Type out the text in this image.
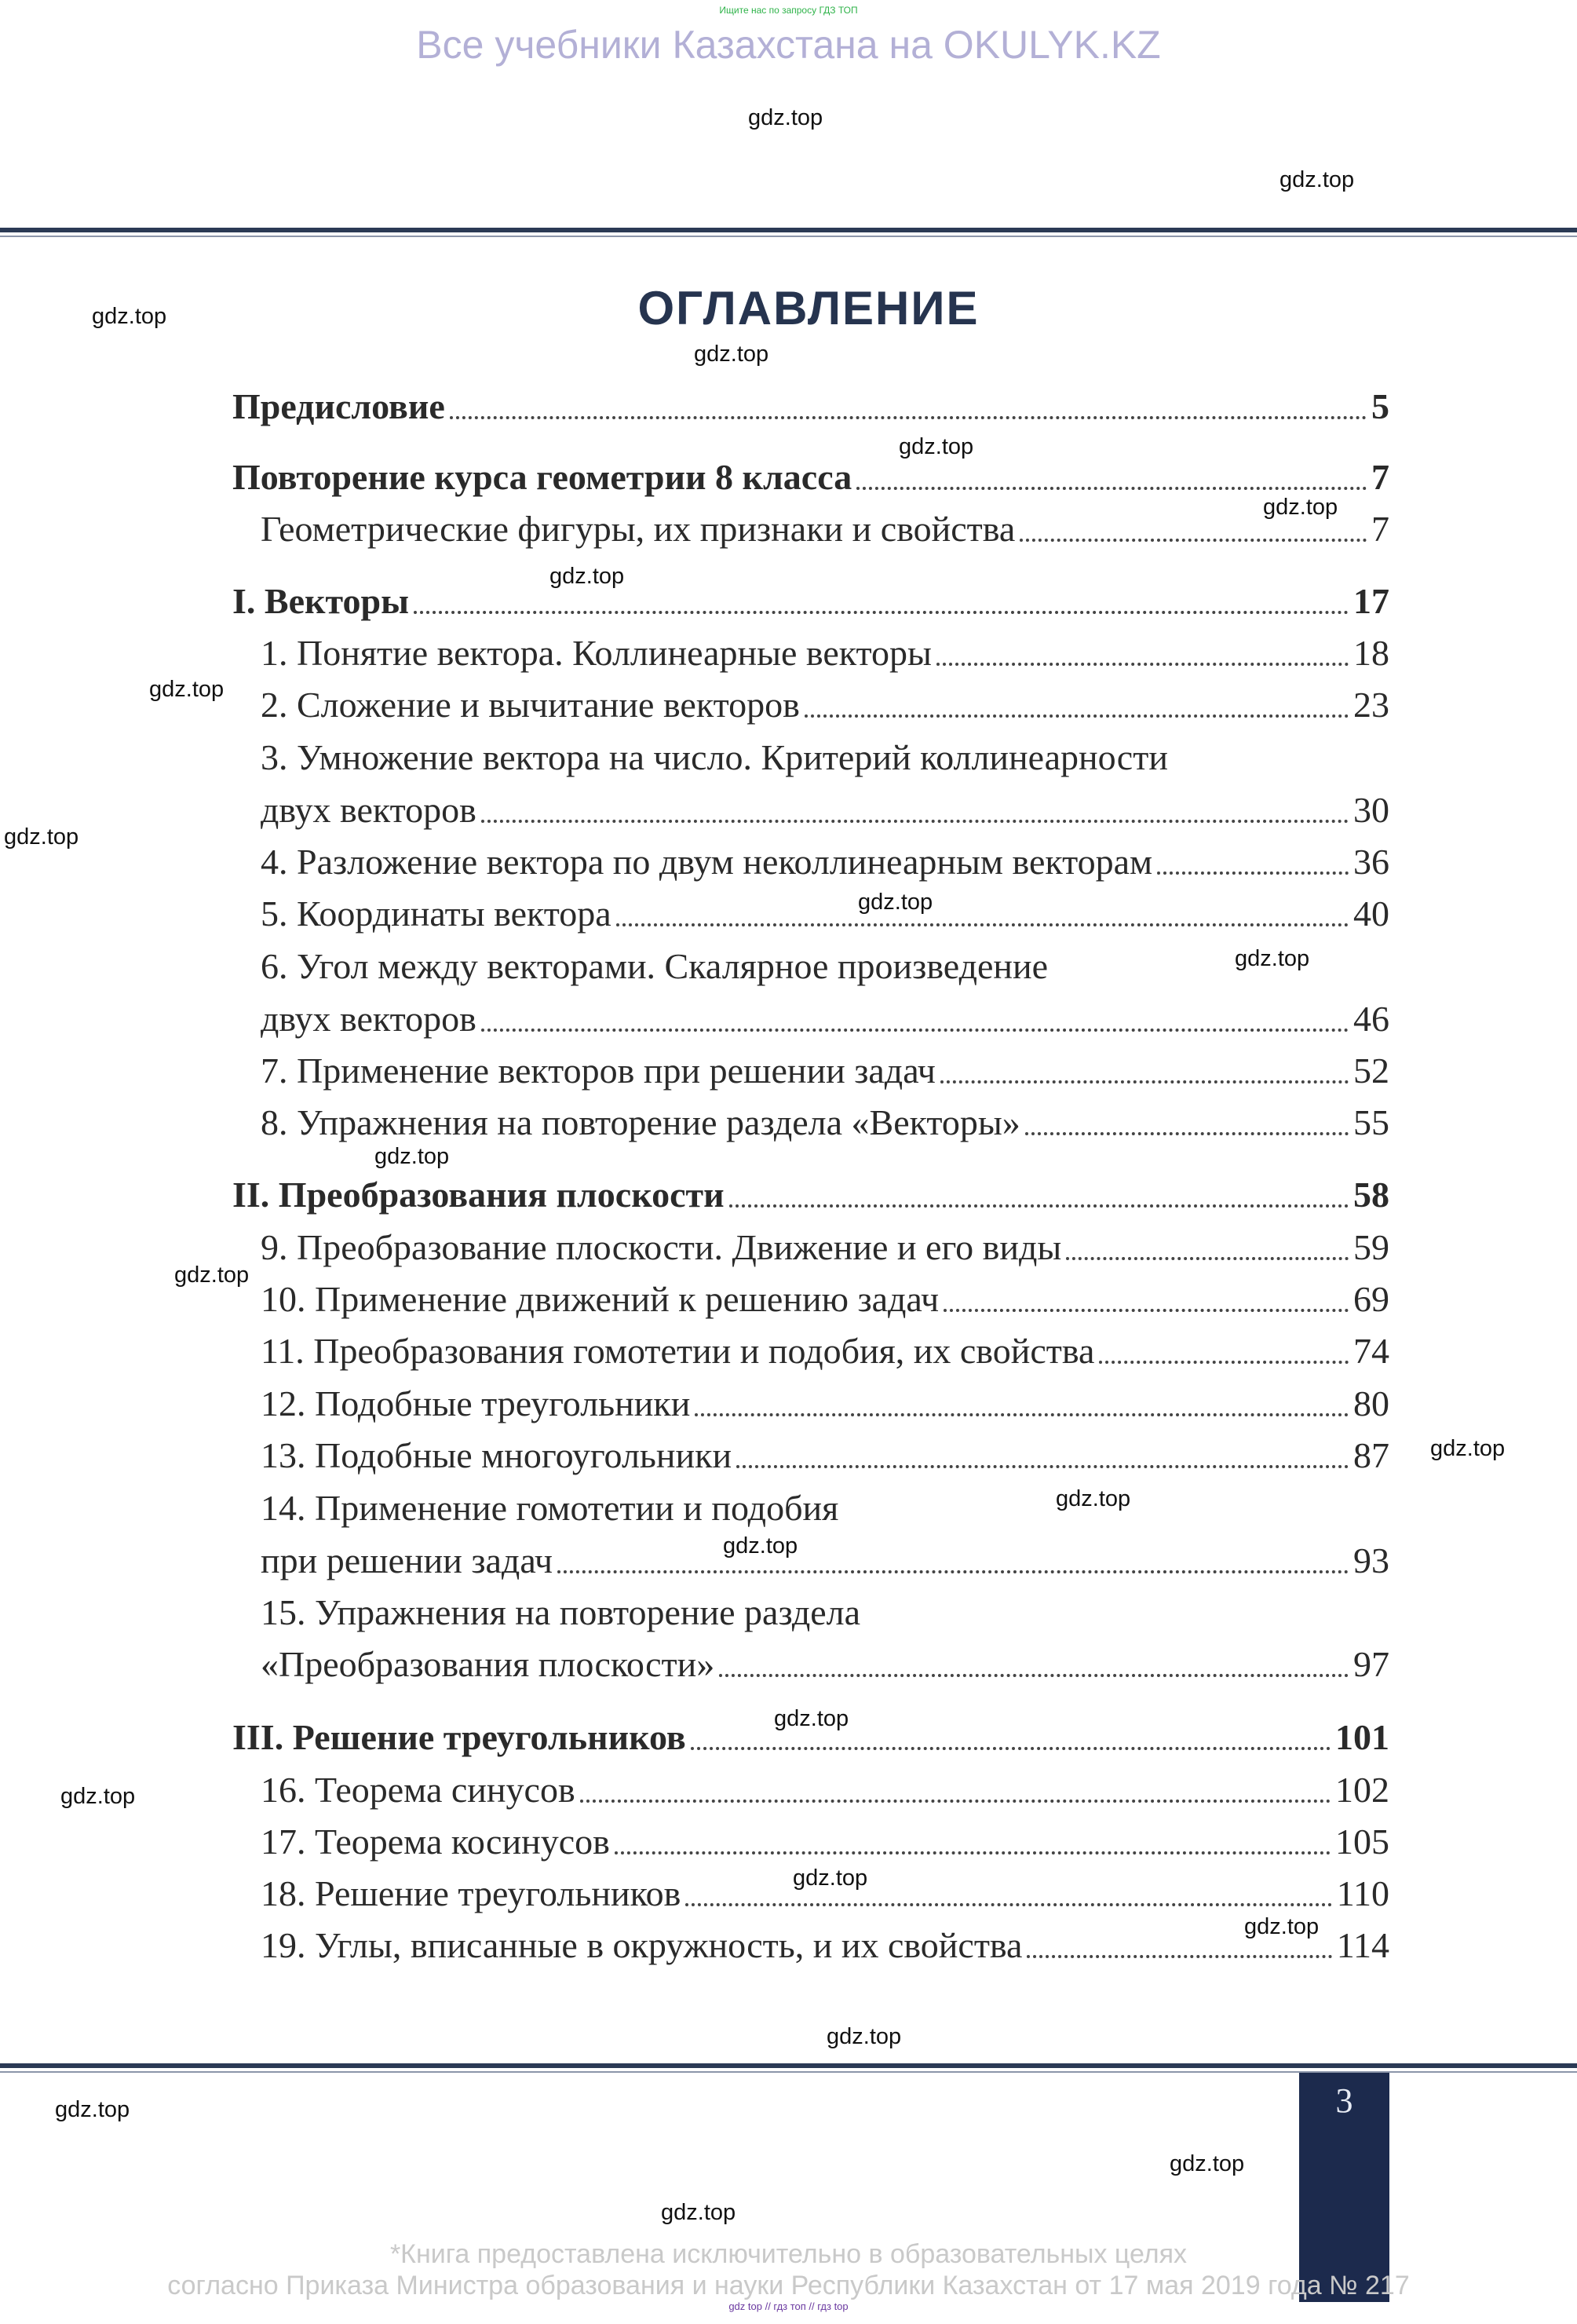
Ищите нас по запросу ГДЗ ТОП
Все учебники Казахстана на OKULYK.KZ
ОГЛАВЛЕНИЕ
Предисловие	5
Повторение курса геометрии 8 класса	7
Геометрические фигуры, их признаки и свойства	7
I. Векторы	17
1. Понятие вектора. Коллинеарные векторы	18
2. Сложение и вычитание векторов	23
3. Умножение вектора на число. Критерий коллинеарности
двух векторов	30
4. Разложение вектора по двум неколлинеарным векторам	36
5. Координаты вектора	40
6. Угол между векторами. Скалярное произведение
двух векторов	46
7. Применение векторов при решении задач	52
8. Упражнения на повторение раздела «Векторы»	55
II. Преобразования плоскости	58
9. Преобразование плоскости. Движение и его виды	59
10. Применение движений к решению задач	69
11. Преобразования гомотетии и подобия, их свойства	74
12. Подобные треугольники	80
13. Подобные многоугольники	87
14. Применение гомотетии и подобия
при решении задач	93
15. Упражнения на повторение раздела
«Преобразования плоскости»	97
III. Решение треугольников	101
16. Теорема синусов	102
17. Теорема косинусов	105
18. Решение треугольников	110
19. Углы, вписанные в окружность, и их свойства	114
3
*Книга предоставлена исключительно в образовательных целях
согласно Приказа Министра образования и науки Республики Казахстан от 17 мая 2019 года № 217
gdz top // гдз топ // гдз top
gdz.top
gdz.top
gdz.top
gdz.top
gdz.top
gdz.top
gdz.top
gdz.top
gdz.top
gdz.top
gdz.top
gdz.top
gdz.top
gdz.top
gdz.top
gdz.top
gdz.top
gdz.top
gdz.top
gdz.top
gdz.top
gdz.top
gdz.top
gdz.top
